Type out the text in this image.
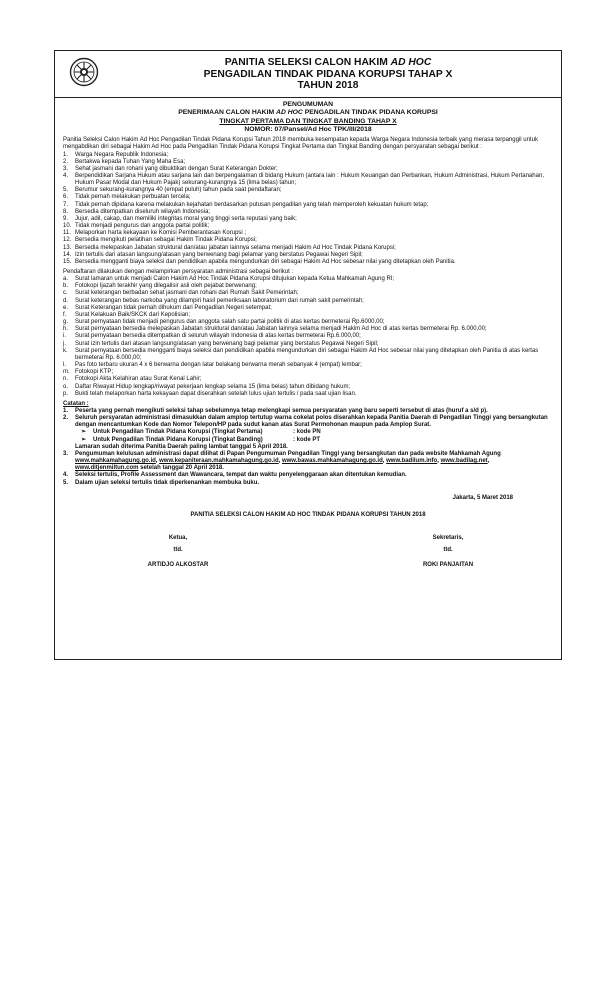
PANITIA SELEKSI CALON HAKIM AD HOC
PENGADILAN TINDAK PIDANA KORUPSI TAHAP X
TAHUN 2018
PENGUMUMAN
PENERIMAAN CALON HAKIM AD HOC PENGADILAN TINDAK PIDANA KORUPSI
TINGKAT PERTAMA DAN TINGKAT BANDING TAHAP X
NOMOR: 07/Pansel/Ad Hoc TPK/III/2018
Panitia Seleksi Calon Hakim Ad Hoc Pengadilan Tindak Pidana Korupsi Tahun 2018 membuka kesempatan kepada Warga Negara Indonesia terbaik yang merasa terpanggil untuk mengabdikan diri sebagai Hakim Ad Hoc pada Pengadilan Tindak Pidana Korupsi Tingkat Pertama dan Tingkat Banding dengan persyaratan sebagai berikut :
1.	Warga Negara Republik Indonesia;
2.	Bertakwa kepada Tuhan Yang Maha Esa;
3.	Sehat jasmani dan rohani yang dibuktikan dengan Surat Keterangan Dokter;
4.	Berpendidikan Sarjana Hukum atau sarjana lain dan berpengalaman di bidang Hukum (antara lain : Hukum Keuangan dan Perbankan, Hukum Administrasi, Hukum Pertanahan, Hukum Pasar Modal dan Hukum Pajak) sekurang-kurangnya 15 (lima belas) tahun;
5.	Berumur sekurang-kurangnya 40 (empat puluh) tahun pada saat pendaftaran;
6.	Tidak pernah melakukan perbuatan tercela;
7.	Tidak pernah dipidana karena melakukan kejahatan berdasarkan putusan pengadilan yang telah memperoleh kekuatan hukum tetap;
8.	Bersedia ditempatkan diseluruh wilayah Indonesia;
9.	Jujur, adil, cakap, dan memiliki integritas moral yang tinggi serta reputasi yang baik;
10. Tidak menjadi pengurus dan anggota partai politik;
11. Melaporkan harta kekayaan ke Komisi Pemberantasan Korupsi ;
12. Bersedia mengikuti pelatihan sebagai Hakim Tindak Pidana Korupsi;
13. Bersedia melepaskan Jabatan struktural dan/atau jabatan lainnya selama menjadi Hakim Ad Hoc Tindak Pidana Korupsi;
14. Izin tertulis dari atasan langsung/atasan yang berwenang bagi pelamar yang berstatus Pegawai Negeri Sipil;
15. Bersedia mengganti biaya seleksi dan pendidikan apabila mengundurkan diri sebagai Hakim Ad Hoc sebesar nilai yang ditetapkan oleh Panitia.
Pendaftaran dilakukan dengan melampirkan persyaratan administrasi sebagai berikut :
a.	Surat lamaran untuk menjadi Calon Hakim Ad Hoc Tindak Pidana Korupsi ditujukan kepada Ketua Mahkamah Agung RI;
b.	Fotokopi Ijazah terakhir yang dilegalisir asli oleh pejabat berwenang;
c.	Surat keterangan berbadan sehat jasmani dan rohani dari Rumah Sakit Pemerintah;
d.	Surat keterangan bebas narkoba yang dilampiri hasil pemeriksaan laboratorium dari rumah sakit pemerintah;
e.	Surat Keterangan tidak pernah dihukum dari Pengadilan Negeri setempat;
f.	Surat Kelakuan Baik/SKCK dari Kepolisian;
g.	Surat pernyataan tidak menjadi pengurus dan anggota salah satu partai politik di atas kertas bermeterai Rp.6000,00;
h.	Surat pernyataan bersedia melepaskan Jabatan struktural dan/atau Jabatan lainnya selama menjadi Hakim Ad Hoc di atas kertas bermeterai Rp. 6.000,00;
i.	Surat pernyataan bersedia ditempatkan di seluruh wilayah Indonesia di atas kertas bermeterai Rp.6.000,00;
j.	Surat izin tertulis dari atasan langsung/atasan yang berwenang bagi pelamar yang berstatus Pegawai Negeri Sipil;
k.	Surat pernyataan bersedia mengganti biaya seleksi dan pendidikan apabila mengundurkan diri sebagai Hakim Ad Hoc sebesar nilai yang ditetapkan oleh Panitia di atas kertas bermeterai Rp. 6.000,00;
l.	Pas foto terbaru ukuran 4 x 6 berwarna dengan latar belakang berwarna merah sebanyak 4 (empat) lembar;
m. Fotokopi KTP;
n.	Fotokopi Akta Kelahiran atau Surat Kenal Lahir;
o.	Daftar Riwayat Hidup lengkap/riwayat pekerjaan lengkap selama 15 (lima belas) tahun dibidang hukum;
p.	Bukti telah melaporkan harta kekayaan dapat diserahkan setelah lulus ujian tertulis / pada saat ujian lisan.
Catatan :
1.	Peserta yang pernah mengikuti seleksi tahap sebelumnya tetap melengkapi semua persyaratan yang baru seperti tersebut di atas (huruf a s/d p).
2.	Seluruh persyaratan administrasi dimasukkan dalam amplop tertutup warna cokelat polos diserahkan kepada Panitia Daerah di Pengadilan Tinggi yang bersangkutan dengan mencantumkan Kode dan Nomor Telepon/HP pada sudut kanan atas Surat Permohonan maupun pada Amplop Surat.
➢	Untuk Pengadilan Tindak Pidana Korupsi (Tingkat Pertama)	: kode PN
➢	Untuk Pengadilan Tindak Pidana Korupsi (Tingkat Banding)	: kode PT
Lamaran sudah diterima Panitia Daerah paling lambat tanggal 5 April 2018.
3.	Pengumuman kelulusan administrasi dapat dilihat di Papan Pengumuman Pengadilan Tinggi yang bersangkutan dan pada website Mahkamah Agung www.mahkamahagung.go.id, www.kepaniteraan.mahkamahagung.go.id, www.bawas.mahkamahagung.go.id, www.badilum.info, www.badilag.net, www.ditjenmiltun.com setelah tanggal 20 April 2018.
4.	Seleksi tertulis, Profile Assessment dan Wawancara, tempat dan waktu penyelenggaraan akan ditentukan kemudian.
5.	Dalam ujian seleksi tertulis tidak diperkenankan membuka buku.
Jakarta, 5 Maret 2018
PANITIA SELEKSI CALON HAKIM AD HOC TINDAK PIDANA KORUPSI TAHUN 2018
Ketua,
ttd.
ARTIDJO ALKOSTAR
Sekretaris,
ttd.
ROKI PANJAITAN
